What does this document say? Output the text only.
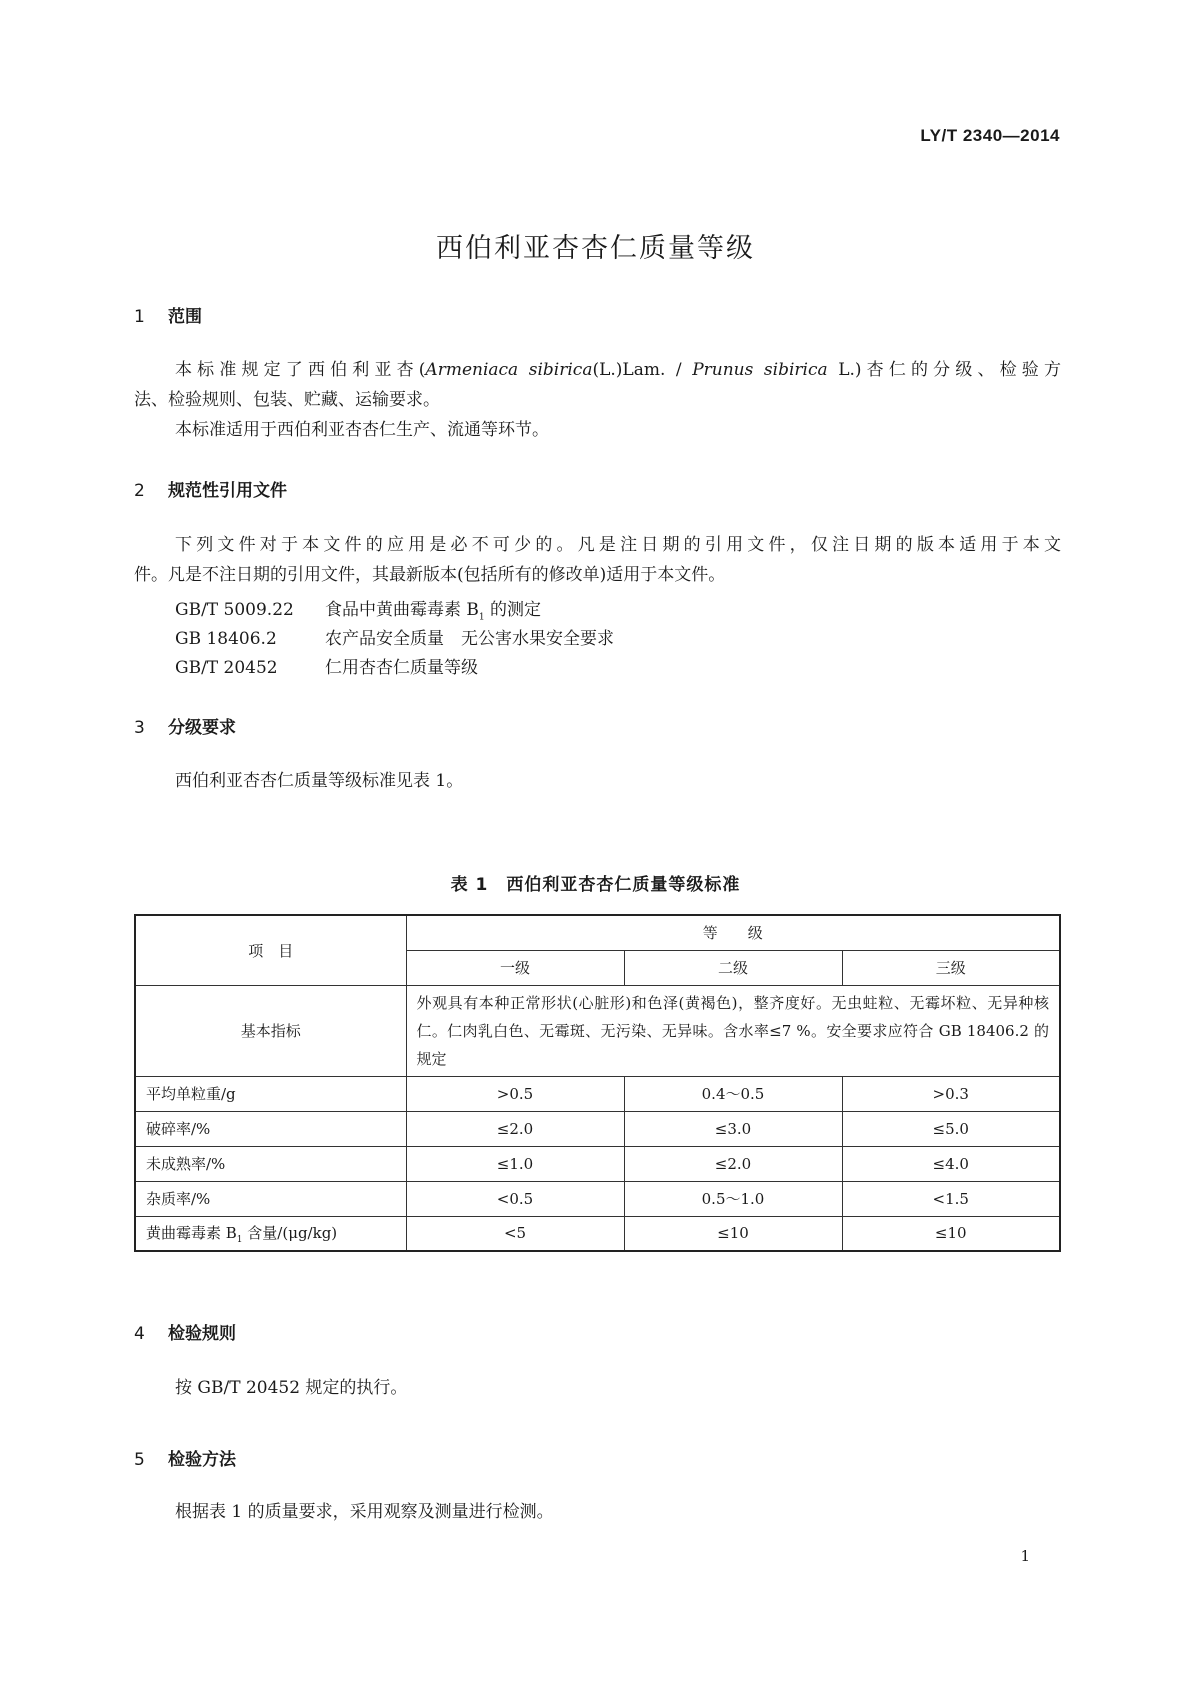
LY/T 2340—2014
西伯利亚杏杏仁质量等级
1 范围
本标准规定了西伯利亚杏(Armeniaca sibirica(L.)Lam. / Prunus sibirica L.)杏仁的分级、检验方
法、检验规则、包装、贮藏、运输要求。
本标准适用于西伯利亚杏杏仁生产、流通等环节。
2 规范性引用文件
下列文件对于本文件的应用是必不可少的。凡是注日期的引用文件，仅注日期的版本适用于本文
件。凡是不注日期的引用文件，其最新版本(包括所有的修改单)适用于本文件。
GB/T 5009.22 食品中黄曲霉毒素 $B_1$ 的测定
GB 18406.2	农产品安全质量　无公害水果安全要求
GB/T 20452	仁用杏杏仁质量等级
3 分级要求
西伯利亚杏杏仁质量等级标准见表 1。
表 1　西伯利亚杏杏仁质量等级标准
项　目	等　　级		
	一级	二级	三级
基本指标	外观具有本种正常形状(心脏形)和色泽(黄褐色)，整齐度好。无虫蛀粒、无霉坏粒、无异种核仁。仁肉乳白色、无霉斑、无污染、无异味。含水率≤7 %。安全要求应符合 GB 18406.2 的规定		
平均单粒重/g	>0.5	0.4～0.5	>0.3
破碎率/%	≤2.0	≤3.0	≤5.0
未成熟率/%	≤1.0	≤2.0	≤4.0
杂质率/%	<0.5	0.5～1.0	<1.5
黄曲霉毒素 $B_1$ 含量/(μg/kg)	<5	≤10	≤10
4 检验规则
按 GB/T 20452 规定的执行。
5 检验方法
根据表 1 的质量要求，采用观察及测量进行检测。
1
